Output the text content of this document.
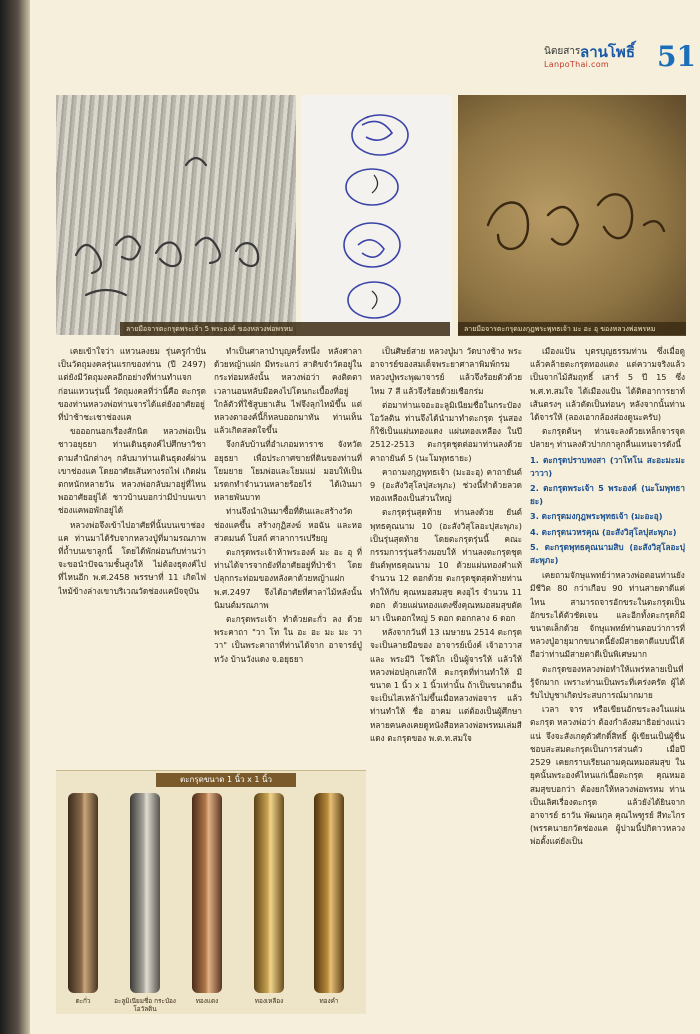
นิตยสาร ลานโพธิ์
LanpoThai.com 51
ลายมือจารตะกรุดพระเจ้า 5 พระองค์ ของหลวงพ่อพรหม	ลายมือจารตะกรุดมงกุฎพระพุทธเจ้า มะ อะ อุ ของหลวงพ่อพรหม

เคยเข้าใจว่า แหวนลงยม รุ่นครูกำปั่น เป็นวัตถุมงคลรุ่นแรกของท่าน (ปี 2497) แต่ยังมีวัตถุมงคลอีกอย่างที่ท่านทำแจกก่อนแหวนรุ่นนี้ วัตถุมงคลที่ว่านี้คือ ตะกรุด ของท่านหลวงพ่อท่านจารได้แต่ยังอาศัยอยู่ที่ป่าช้าชะเชาช่องแค

ขอออกนอกเรื่องสักนิด หลวงพ่อเป็นชาวอยุธยา ท่านเดินธุดงค์ไปศึกษาวิชาตามสำนักต่างๆ กลับมาท่านเดินธุดงค์ผ่านเขาช่องแค โดยอาศัยเส้นทางรถไฟ เกิดฝนตกหนักหลายวัน หลวงพ่อกลับมาอยู่ที่ไหนพออาศัยอยู่ได้ ชาวบ้านบอกว่ามีป่าบนเขาช่องแคพอพักอยู่ได้

หลวงพ่อจึงเข้าไปอาศัยที่นั้นบนเขาช่องแค ท่านมาได้รับจากหลวงปู่ที่มามรณภาพที่ถ้ำบนเขาลูกนี้ โดยได้พักผ่อนกับท่านว่า จะขอนำปัจฉามชั้นสูงให้ ไม่ต้องธุดงค์ไปที่ไหนอีก พ.ศ.2458 พรรษาที่ 11 เกิดไฟไหม้ข้างล่างเขาบริเวณวัดช่องแคปัจจุบัน

ทำเป็นศาลาบำบุญครั้งหนึ่ง หลังศาลาด้วยหญ้าแฝก มีทระแกว่ สาดิขจำวัดอยู่ในกระท่อมหลังนั้น หลวงพ่อว่า คงติดตา เวลานอนหลับมือคงไปโดนกะเบื้องที่อยู่ใกล้ตัวที่ใช้สูบยาเส้น ไฟจึงลุกไหม้ขึ้น แต่หลวงตาองค์นี้ก็หลบออกมาทัน ท่านเห็นแล้วเกิดสลดใจขึ้น

จึงกลับบ้านที่อำเภอมหาราช จังหวัดอยุธยา เพื่อประกาศขายที่ดินของท่านที่โยมยาย โยมพ่อและโยมแม่ มอบให้เป็นมรดกทำจำนวนหลายร้อยไร่ ได้เงินมาหลายพันบาท

ท่านจึงนำเงินมาซื้อที่ดินและสร้างวัดช่องแคขึ้น สร้างกุฏิสงฆ์ หอฉัน และหอสวดมนต์ โบสถ์ ศาลาการเปรียญ

ตะกรุดพระเจ้าห้าพระองค์ มะ อะ อุ ที่ท่านได้จารจากยังที่อาศัยอยู่ที่ป่าช้า โดยปลุกกระท่อมของหลังคาด้วยหญ้าแฝก พ.ศ.2497 จึงได้อาศัยที่ศาลาไม้หลังนั้นนิมนต์มรณภาพ

ตะกรุดพระเจ้า ทำด้วยตะกั่ว ลง ด้วยพระคาถา "วา โท ใน อะ อะ มะ มะ วา วา" เป็นพระคาถาที่ท่านได้จาก อาจารย์ปู่หวัง บ้านวังแดง จ.อยุธยา

เป็นศิษย์สาย หลวงปู่มา วัดบางช้าง พระอาจารย์ของสมเด็จพระยาศาลาพิมพ์กรมหลวงปู่พระพุฒาจารย์ แล้วจึงร้อยตัวด้วยไหม 7 สี แล้วจึงร้อยด้วยเชือกร่ม

ต่อมาท่านเจอะอะลูมิเนียมชื่อในกระป๋องโอวัลติน ท่านจึงได้นำมาทำตะกรุด รุ่นสองก็ใช้เป็นแผ่นทองแดง แผ่นทองเหลือง ในปี 2512-2513 ตะกรุดชุดต่อมาท่านลงด้วย คาถายันต์ 5 (นะโมพุทธายะ)

คาถามงกุฎพุทธเจ้า (มะอะอุ) คาถายันต์ 9 (อะสังวิสุโลปุสะพุภะ) ช่วงนี้ทำด้วยลวดทองเหลืองเป็นส่วนใหญ่

ตะกรุดรุ่นสุดท้าย ท่านลงด้วย ยันต์พุทธคุณนาม 10 (อะสังวิสุโลอะปุสะพุภะ) เป็นรุ่นสุดท้าย โดยตะกรุดรุ่นนี้ คณะกรรมการรุ่นสร้างมอบให้ ท่านลงตะกรุดชุดยันต์พุทธคุณนาม 10 ด้วยแผ่นทองคำแท้จำนวน 12 ดอกด้วย ตะกรุดชุดสุดท้ายท่านทำให้กับ คุณหมอสมสุข คงอุไร จำนวน 11 ดอก ด้วยแผ่นทองแดงซึ่งคุณหมอสมสุขตัดมา เป็นดอกใหญ่ 5 ดอก ดอกกลาง 6 ดอก

หลังจากวันที่ 13 เมษายน 2514 ตะกรุดจะเป็นลายมือของ อาจารย์เบ็งค์ เจ้าอาวาส และ พระมีวิ โชติโก เป็นผู้จารให้ แล้วให้หลวงพ่อปลุกเสกให้ ตะกรุดที่ท่านทำให้ มีขนาด 1 นิ้ว x 1 นิ้วเท่านั้น ถ้าเป็นขนาดอื่นจะเป็นไสเหล้าไม่ขึ้นเมื่อหลวงพ่อจาร แล้วท่านทำให้ ชื่อ อาคม แต่ต้องเป็นผู้ศึกษา หลายคนคงเคยดูหนังสือหลวงพ่อพรหมเล่มสีแดง ตะกรุดของ พ.ต.ท.สมใจ

เมืองแป้น บุตรบุญธรรมท่าน ซึ่งเมื่อดูแล้วคล้ายตะกรุดทองแดง แต่ความจริงแล้วเป็นจากไม้สัมฤทธิ์ เสาร์ 5 ปี 15 ซึ่ง พ.ศ.ท.สมใจ ได้เมืองแป้น ได้ติดอาการยาท์เส้นตรงๆ แล้วตัดเป็นท่อนๆ หลังจากนั้นท่านได้จารให้ (ลองเอากล้องส่องดูนะครับ)

ตะกรุดต้นๆ ท่านจะลงด้วยเหล็กจารจุดปลายๆ ท่านลงตัวปากกาลูกลื่นแทนจารดังนี้

1. ตะกรุดปราบหงสา (วาโทโน สะอะมะมะวาวา)
2. ตะกรุดพระเจ้า 5 พระองค์ (นะโมพุทธายะ)
3. ตะกรุดมงกุฎพระพุทธเจ้า (มะอะอุ)
4. ตะกรุดนวหรคุณ (อะสังวิสุโลปุสะพุภะ)
5. ตะกรุดพุทธคุณนามสิบ (อะสังวิสุโลอะปุสะพุภะ)

เคยถามจักษุแพทย์ว่าหลวงพ่อตอนท่านยังมีชีวิต 80 กว่าเกือบ 90 ท่านสายตาดีแค่ไหน สามารถจารอักขระในตะกรุดเป็นอักขระได้ตัวชัดเจน และอีกทั้งตะกรุดก็มีขนาดเล็กด้วย จักษุแพทย์ท่านตอบว่าการที่หลวงปู่อายุมากขนาดนี้ยังมีสายตาดีแบบนี้ได้ ถือว่าท่านมีสายตาดีเป็นพิเศษมาก

ตะกรุดของหลวงพ่อทำให้แพร่หลายเป็นที่รู้จักมาก เพราะท่านเป็นพระที่เคร่งครัด ผู้ได้รับไปบูชาเกิดประสบการณ์มากมาย

เวลา จาร หรือเขียนอักขระลงในแผ่นตะกรุด หลวงพ่อว่า ต้องกำลังสมาธิอย่างแน่วแน่ จึงจะสังเกตุตัวศักดิ์สิทธิ์ ผู้เขียนเป็นผู้ชื่นชอบสะสมตะกรุดเป็นการส่วนตัว เมื่อปี 2529 เคยกราบเรียนถามคุณหมอสมสุข ในยุคนั้นพระองค์ไหนแก่เนื้อตะกรุด คุณหมอสมสุขบอกว่า ต้องยกให้หลวงพ่อพรหม ท่านเป็นเลิศเรื่องตะกรุด แล้วยังได้ยินจากอาจารย์ ธาวัน พัฒนกุล คุณไพฑูรย์ สีทะไกร (พรรคนายกวัดช่องแค ผู้ปามนิ้ปกิดาวหลวงพ่อตั้งแต่ยังเป็น

ตะกรุดขนาด 1 นิ้ว x 1 นิ้ว
ตะกั่ว	อะลูมิเนียมชื่อ กระป๋องโอวัลติน
ทองแดง	ทองเหลือง	ทองคำ
